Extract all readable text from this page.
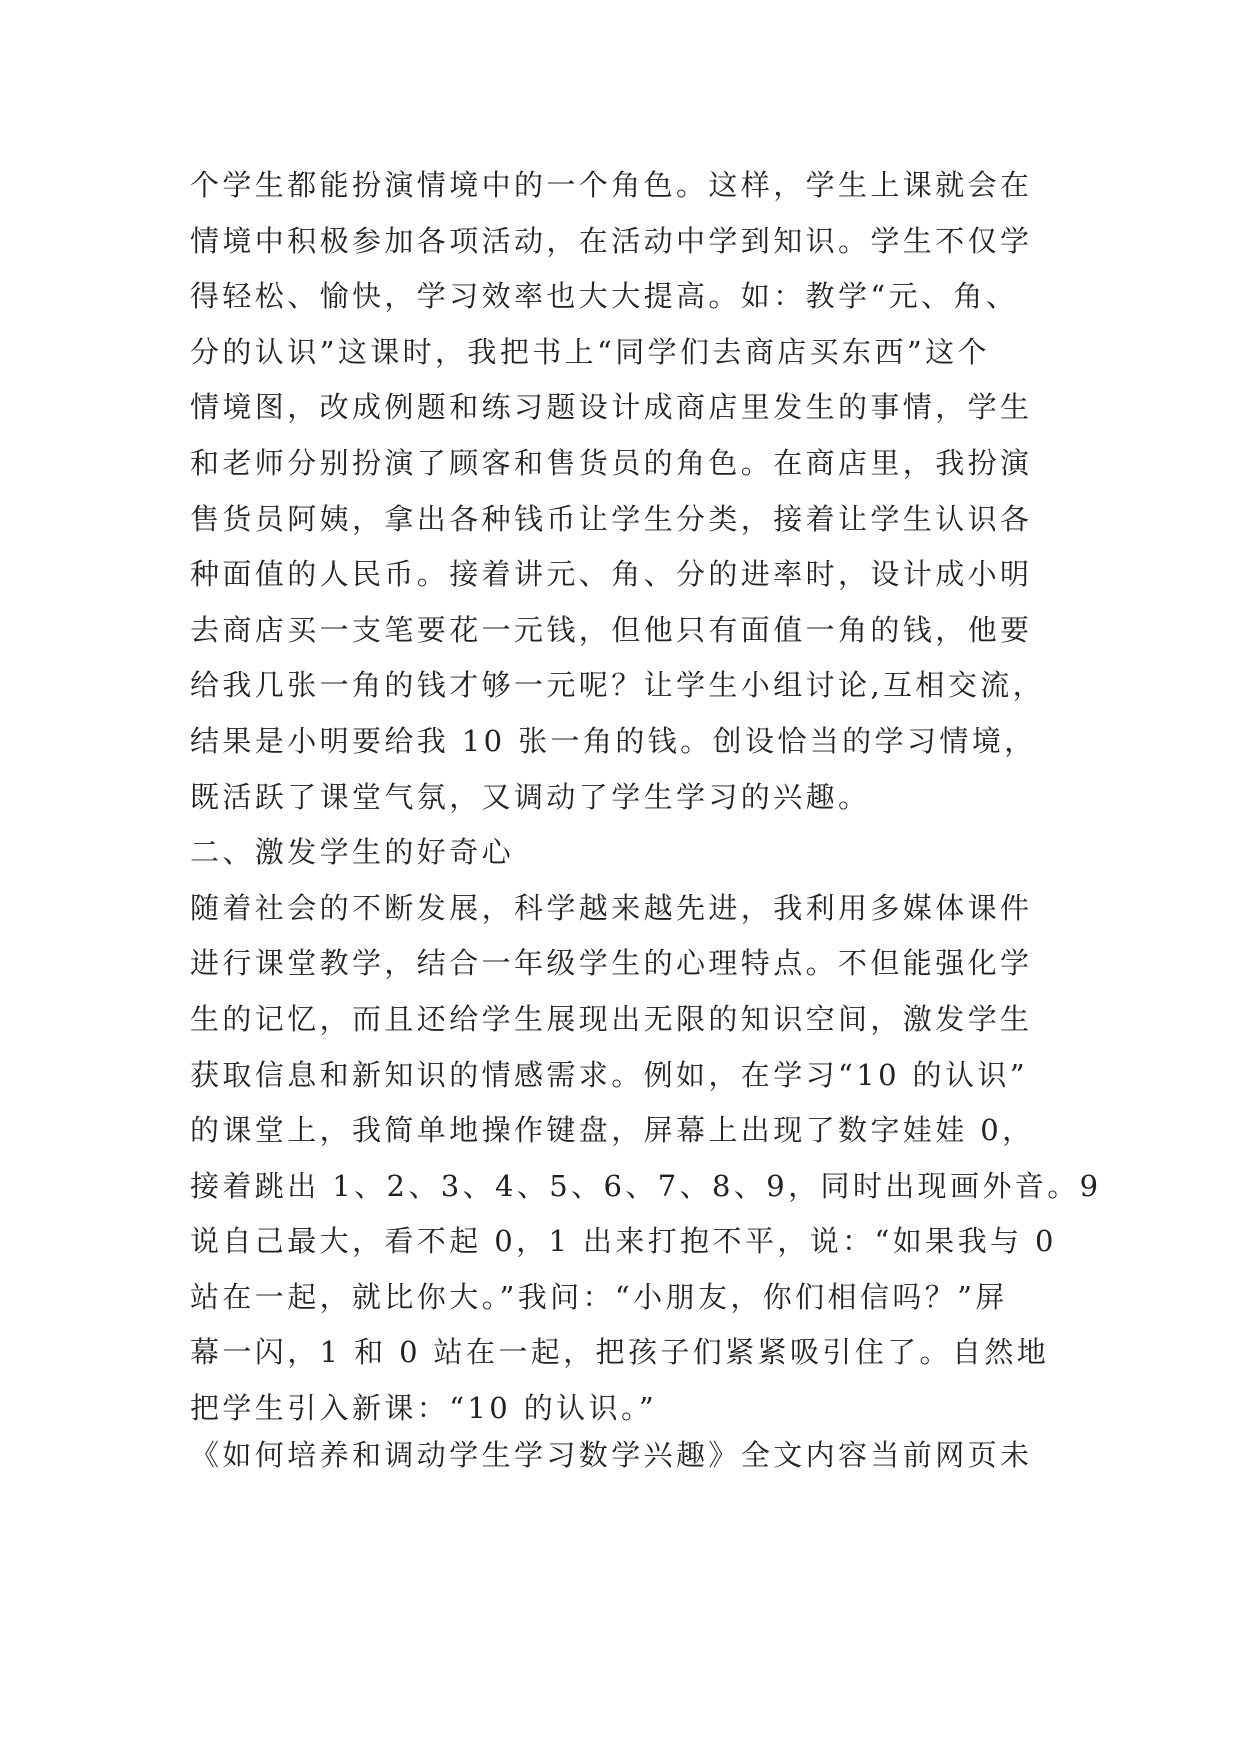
个学生都能扮演情境中的一个角色。这样，学生上课就会在
情境中积极参加各项活动，在活动中学到知识。学生不仅学
得轻松、愉快，学习效率也大大提高。如：教学“元、角、
分的认识”这课时，我把书上“同学们去商店买东西”这个
情境图，改成例题和练习题设计成商店里发生的事情，学生
和老师分别扮演了顾客和售货员的角色。在商店里，我扮演
售货员阿姨，拿出各种钱币让学生分类，接着让学生认识各
种面值的人民币。接着讲元、角、分的进率时，设计成小明
去商店买一支笔要花一元钱，但他只有面值一角的钱，他要
给我几张一角的钱才够一元呢？让学生小组讨论,互相交流，
结果是小明要给我 10 张一角的钱。创设恰当的学习情境，
既活跃了课堂气氛，又调动了学生学习的兴趣。
二、激发学生的好奇心
随着社会的不断发展，科学越来越先进，我利用多媒体课件
进行课堂教学，结合一年级学生的心理特点。不但能强化学
生的记忆，而且还给学生展现出无限的知识空间，激发学生
获取信息和新知识的情感需求。例如，在学习“10 的认识”
的课堂上，我简单地操作键盘，屏幕上出现了数字娃娃 0，
接着跳出 1、2、3、4、5、6、7、8、9，同时出现画外音。9
说自己最大，看不起 0，1 出来打抱不平，说：“如果我与 0
站在一起，就比你大。”我问：“小朋友，你们相信吗？”屏
幕一闪，1 和 0 站在一起，把孩子们紧紧吸引住了。自然地
把学生引入新课：“10 的认识。”
《如何培养和调动学生学习数学兴趣》全文内容当前网页未
